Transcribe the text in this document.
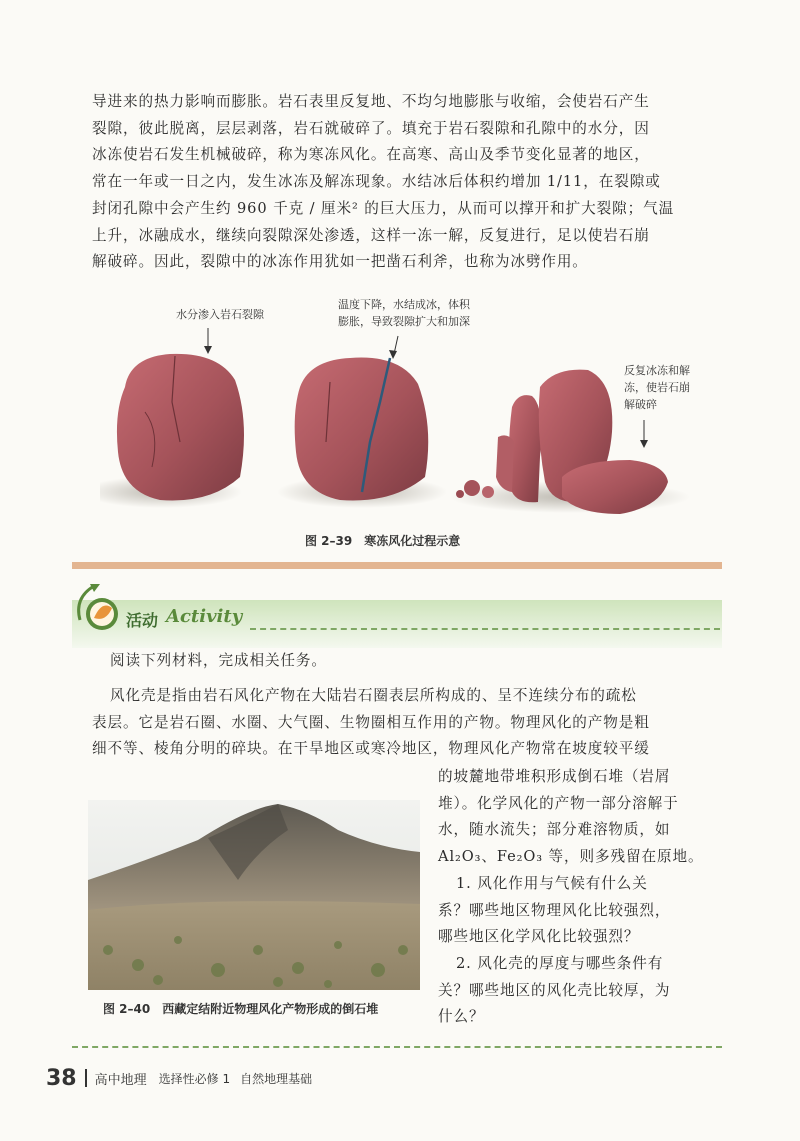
导进来的热力影响而膨胀。岩石表里反复地、不均匀地膨胀与收缩，会使岩石产生
裂隙，彼此脱离，层层剥落，岩石就破碎了。填充于岩石裂隙和孔隙中的水分，因
冰冻使岩石发生机械破碎，称为寒冻风化。在高寒、高山及季节变化显著的地区，
常在一年或一日之内，发生冰冻及解冻现象。水结冰后体积约增加 1/11，在裂隙或
封闭孔隙中会产生约 960 千克 / 厘米² 的巨大压力，从而可以撑开和扩大裂隙；气温
上升，冰融成水，继续向裂隙深处渗透，这样一冻一解，反复进行，足以使岩石崩
解破碎。因此，裂隙中的冰冻作用犹如一把凿石利斧，也称为冰劈作用。

水分渗入岩石裂隙

温度下降，水结成冰，体积
膨胀，导致裂隙扩大和加深

反复冰冻和解
冻，使岩石崩
解破碎

图 2–39 寒冻风化过程示意
活动 Activity
阅读下列材料，完成相关任务。
风化壳是指由岩石风化产物在大陆岩石圈表层所构成的、呈不连续分布的疏松
表层。它是岩石圈、水圈、大气圈、生物圈相互作用的产物。物理风化的产物是粗
细不等、棱角分明的碎块。在干旱地区或寒冷地区，物理风化产物常在坡度较平缓
的坡麓地带堆积形成倒石堆（岩屑
堆）。化学风化的产物一部分溶解于
水，随水流失；部分难溶物质，如
Al₂O₃、Fe₂O₃ 等，则多残留在原地。
1. 风化作用与气候有什么关
系？哪些地区物理风化比较强烈，
哪些地区化学风化比较强烈？
2. 风化壳的厚度与哪些条件有
关？哪些地区的风化壳比较厚，为
什么？
图 2–40 西藏定结附近物理风化产物形成的倒石堆
38 高中地理 选择性必修 1 自然地理基础
